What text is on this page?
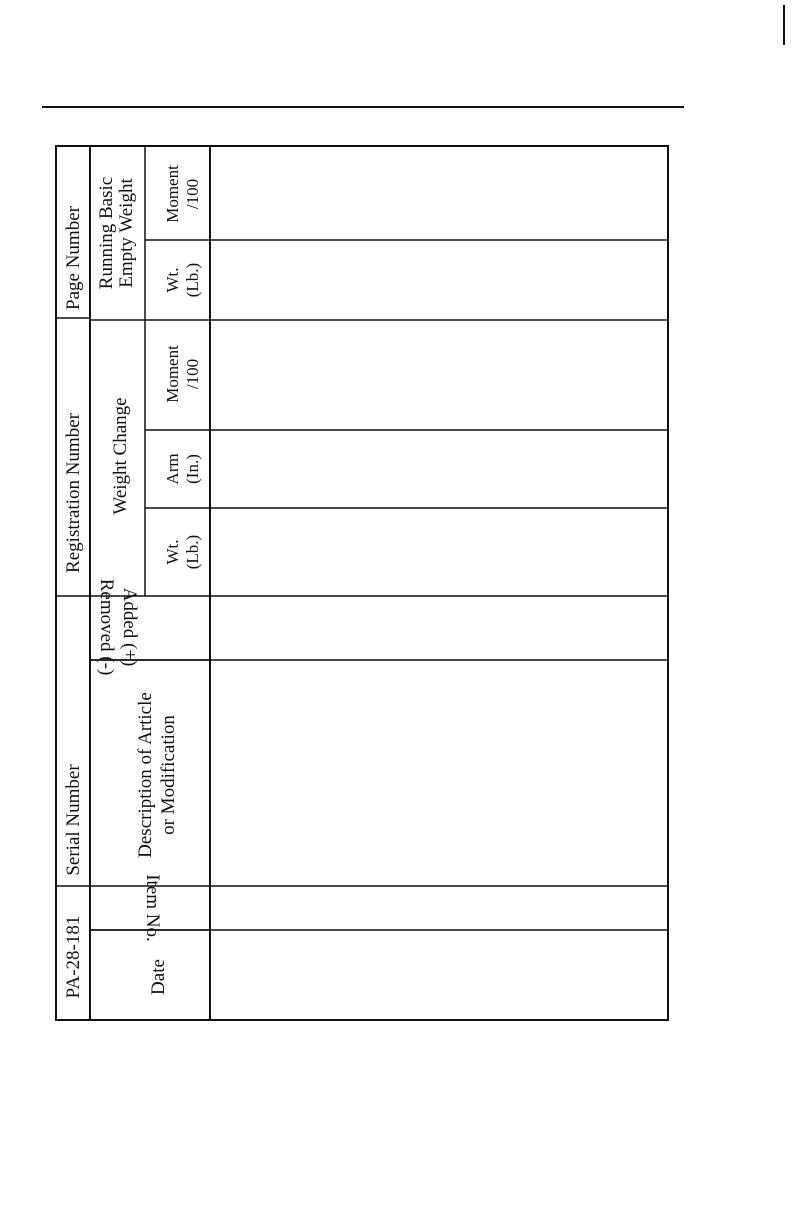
PA-28-181
Serial Number
Registration Number
Page Number
Date
Item No.
Description of Article or Modification
Added (+)
Removed (-)
Weight Change
Running Basic Empty Weight
Wt. (Lb.)
Arm (In.)
Moment /100
Wt. (Lb.)
Moment /100
